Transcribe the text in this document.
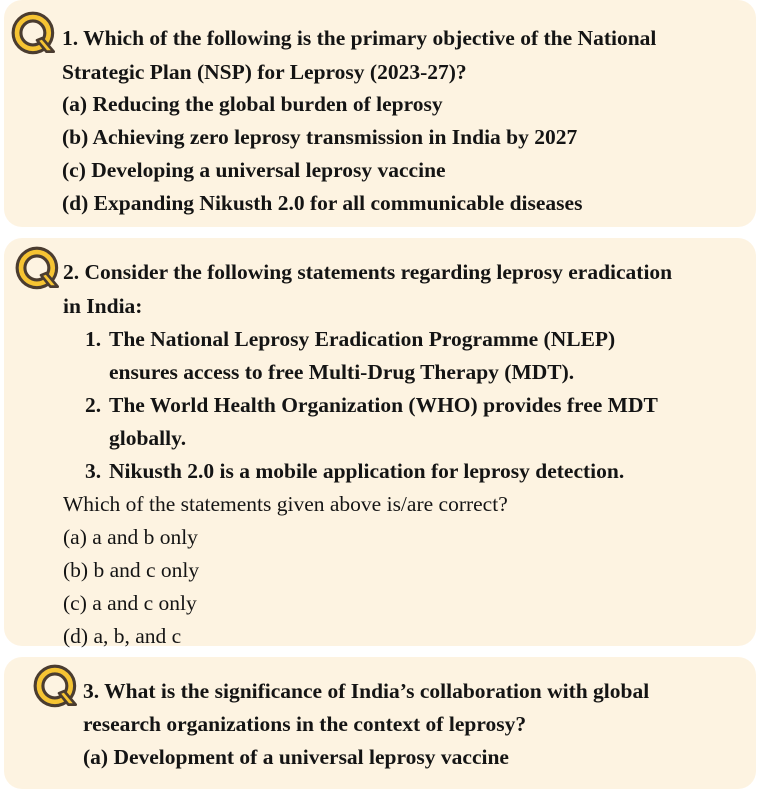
1. Which of the following is the primary objective of the National
Strategic Plan (NSP) for Leprosy (2023-27)?
(a) Reducing the global burden of leprosy
(b) Achieving zero leprosy transmission in India by 2027
(c) Developing a universal leprosy vaccine
(d) Expanding Nikusth 2.0 for all communicable diseases
2. Consider the following statements regarding leprosy eradication
in India:
1. The National Leprosy Eradication Programme (NLEP)
ensures access to free Multi-Drug Therapy (MDT).
2. The World Health Organization (WHO) provides free MDT
globally.
3. Nikusth 2.0 is a mobile application for leprosy detection.
Which of the statements given above is/are correct?
(a) a and b only
(b) b and c only
(c) a and c only
(d) a, b, and c
3. What is the significance of India’s collaboration with global
research organizations in the context of leprosy?
(a) Development of a universal leprosy vaccine
